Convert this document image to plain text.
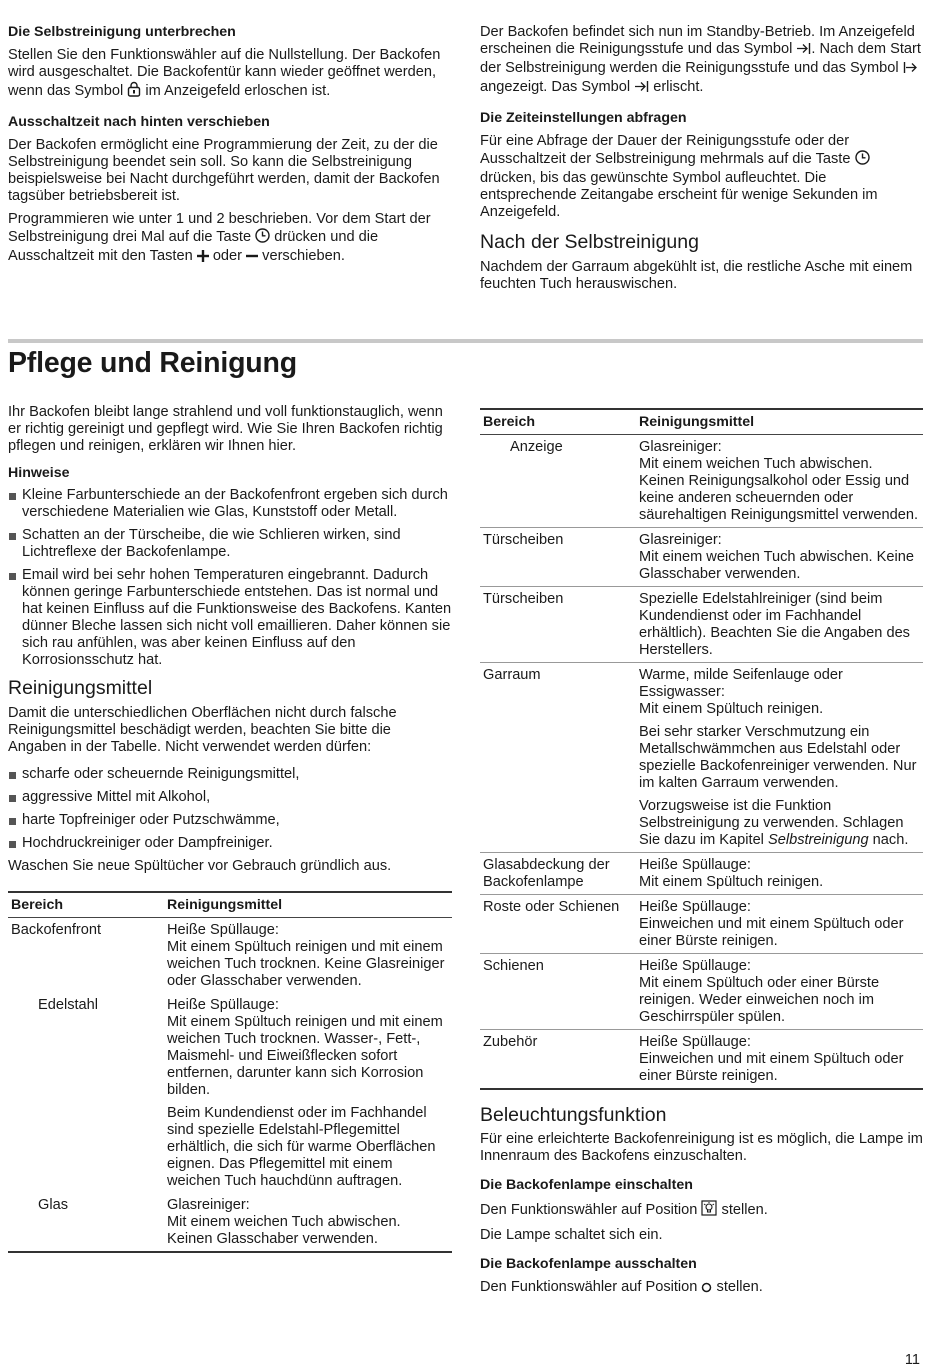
Die Selbstreinigung unterbrechen

Stellen Sie den Funktionswähler auf die Nullstellung. Der Backofen wird ausgeschaltet. Die Backofentür kann wieder geöffnet werden, wenn das Symbol im Anzeigefeld erloschen ist.

Ausschaltzeit nach hinten verschieben

Der Backofen ermöglicht eine Programmierung der Zeit, zu der die Selbstreinigung beendet sein soll. So kann die Selbstreinigung beispielsweise bei Nacht durchgeführt werden, damit der Backofen tagsüber betriebsbereit ist.

Programmieren wie unter 1 und 2 beschrieben. Vor dem Start der Selbstreinigung drei Mal auf die Taste drücken und die Ausschaltzeit mit den Tasten oder verschieben.

Der Backofen befindet sich nun im Standby-Betrieb. Im Anzeigefeld erscheinen die Reinigungsstufe und das Symbol . Nach dem Start der Selbstreinigung werden die Reinigungsstufe und das Symbol  angezeigt. Das Symbol erlischt.

Die Zeiteinstellungen abfragen

Für eine Abfrage der Dauer der Reinigungsstufe oder der Ausschaltzeit der Selbstreinigung mehrmals auf die Taste  drücken, bis das gewünschte Symbol aufleuchtet. Die entsprechende Zeitangabe erscheint für wenige Sekunden im Anzeigefeld.

Nach der Selbstreinigung

Nachdem der Garraum abgekühlt ist, die restliche Asche mit einem feuchten Tuch herauswischen.

Pflege und Reinigung

Ihr Backofen bleibt lange strahlend und voll funktionstauglich, wenn er richtig gereinigt und gepflegt wird. Wie Sie Ihren Backofen richtig pflegen und reinigen, erklären wir Ihnen hier.

Hinweise
Kleine Farbunterschiede an der Backofenfront ergeben sich durch verschiedene Materialien wie Glas, Kunststoff oder Metall.
Schatten an der Türscheibe, die wie Schlieren wirken, sind Lichtreflexe der Backofenlampe.
Email wird bei sehr hohen Temperaturen eingebrannt. Dadurch können geringe Farbunterschiede entstehen. Das ist normal und hat keinen Einfluss auf die Funktionsweise des Backofens. Kanten dünner Bleche lassen sich nicht voll emaillieren. Daher können sie sich rau anfühlen, was aber keinen Einfluss auf den Korrosionsschutz hat.
Reinigungsmittel

Damit die unterschiedlichen Oberflächen nicht durch falsche Reinigungsmittel beschädigt werden, beachten Sie bitte die Angaben in der Tabelle. Nicht verwendet werden dürfen:

scharfe oder scheuernde Reinigungsmittel,
aggressive Mittel mit Alkohol,
harte Topfreiniger oder Putzschwämme,
Hochdruckreiniger oder Dampfreiniger.

Waschen Sie neue Spültücher vor Gebrauch gründlich aus.

Bereich	Reinigungsmittel
Backofenfront	Heiße Spüllauge:
Mit einem Spültuch reinigen und mit einem weichen Tuch trocknen. Keine Glasreiniger oder Glasschaber verwenden.

Edelstahl	Heiße Spüllauge:
Mit einem Spültuch reinigen und mit einem weichen Tuch trocknen. Wasser-, Fett-, Maismehl- und Eiweißflecken sofort entfernen, darunter kann sich Korrosion bilden.
Beim Kundendienst oder im Fachhandel sind spezielle Edelstahl-Pflegemittel erhältlich, die sich für warme Oberflächen eignen. Das Pflegemittel mit einem weichen Tuch hauchdünn auftragen.

Glas	Glasreiniger:
Mit einem weichen Tuch abwischen. Keinen Glasschaber verwenden.
Bereich	Reinigungsmittel
Anzeige	Glasreiniger:
Mit einem weichen Tuch abwischen. Keinen Reinigungsalkohol oder Essig und keine anderen scheuernden oder säurehaltigen Reinigungsmittel verwenden.

Türscheiben	Glasreiniger:
Mit einem weichen Tuch abwischen. Keine Glasschaber verwenden.

Türscheiben	Spezielle Edelstahlreiniger (sind beim Kundendienst oder im Fachhandel erhältlich). Beachten Sie die Angaben des Herstellers.

Garraum	Warme, milde Seifenlauge oder Essigwasser:
Mit einem Spültuch reinigen.
Bei sehr starker Verschmutzung ein Metallschwämmchen aus Edelstahl oder spezielle Backofenreiniger verwenden. Nur im kalten Garraum verwenden.
Vorzugsweise ist die Funktion Selbstreinigung zu verwenden. Schlagen Sie dazu im Kapitel Selbstreinigung nach.

Glasabdeckung der Backofenlampe	Heiße Spüllauge:
Mit einem Spültuch reinigen.

Roste oder Schienen	Heiße Spüllauge:
Einweichen und mit einem Spültuch oder einer Bürste reinigen.

Schienen	Heiße Spüllauge:
Mit einem Spültuch oder einer Bürste reinigen. Weder einweichen noch im Geschirrspüler spülen.

Zubehör	Heiße Spüllauge:
Einweichen und mit einem Spültuch oder einer Bürste reinigen.
Beleuchtungsfunktion

Für eine erleichterte Backofenreinigung ist es möglich, die Lampe im Innenraum des Backofens einzuschalten.

Die Backofenlampe einschalten

Den Funktionswähler auf Position stellen.

Die Lampe schaltet sich ein.

Die Backofenlampe ausschalten

Den Funktionswähler auf Position stellen.

11
